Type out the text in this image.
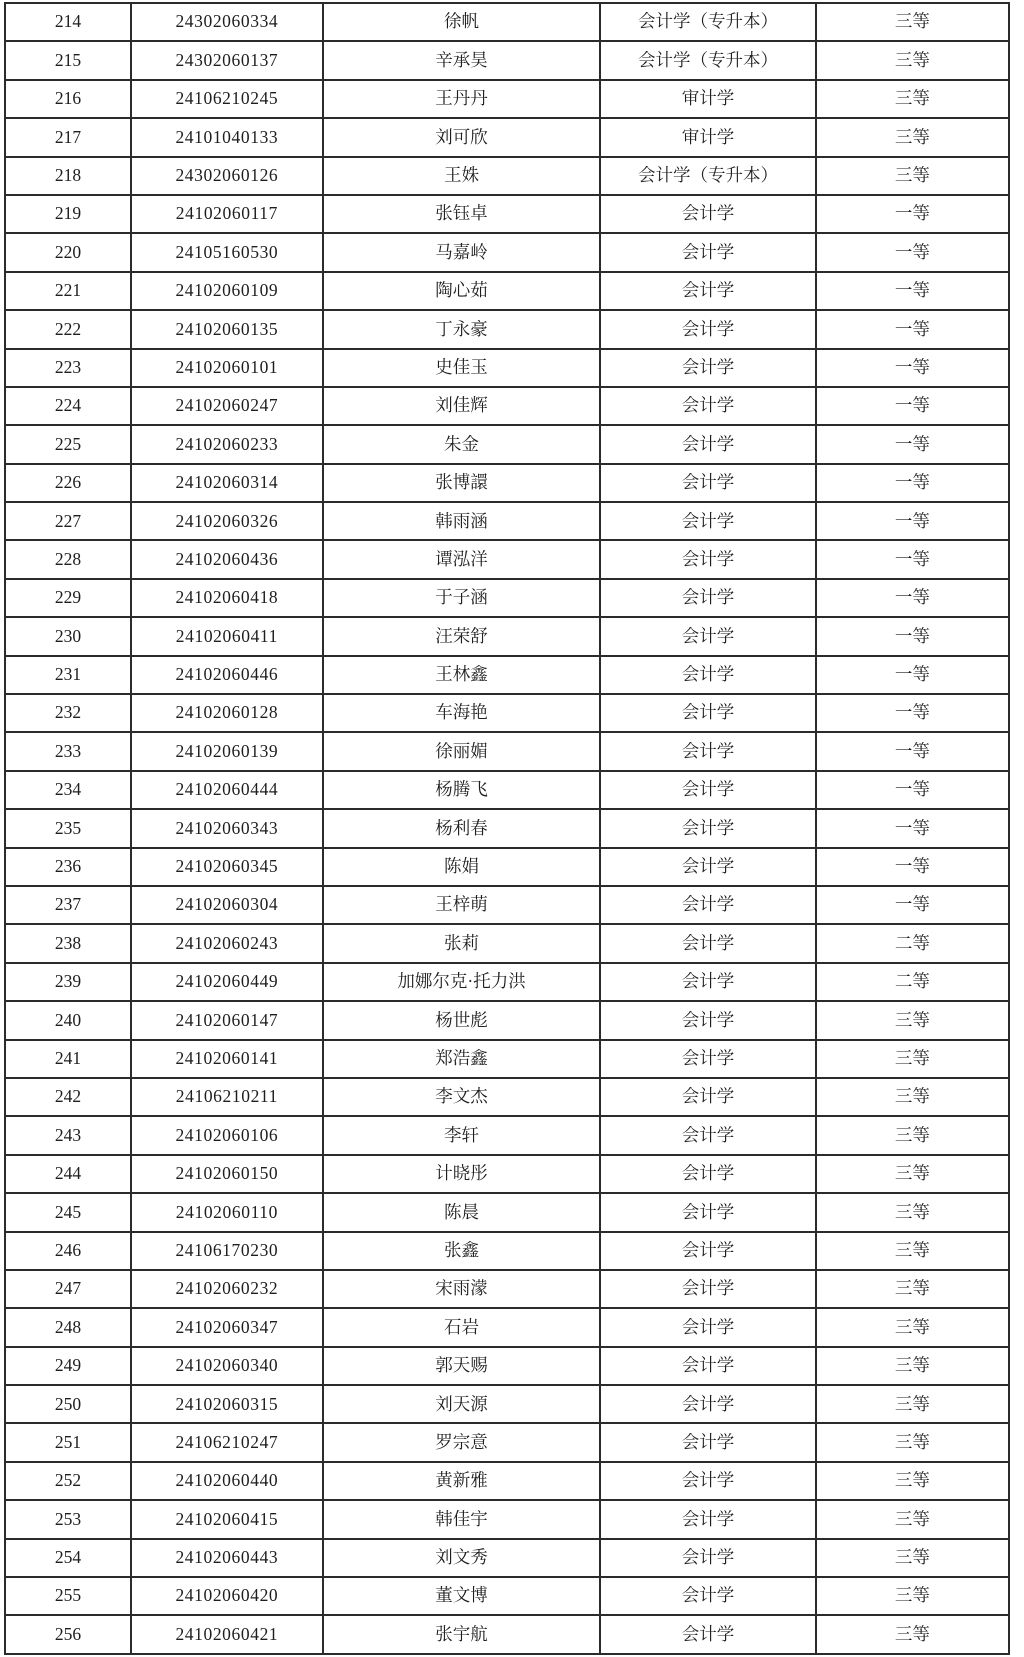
214	24302060334	徐帆	会计学（专升本）	三等
215	24302060137	辛承昊	会计学（专升本）	三等
216	24106210245	王丹丹	审计学	三等
217	24101040133	刘可欣	审计学	三等
218	24302060126	王姝	会计学（专升本）	三等
219	24102060117	张钰卓	会计学	一等
220	24105160530	马嘉岭	会计学	一等
221	24102060109	陶心茹	会计学	一等
222	24102060135	丁永豪	会计学	一等
223	24102060101	史佳玉	会计学	一等
224	24102060247	刘佳辉	会计学	一等
225	24102060233	朱金	会计学	一等
226	24102060314	张博譞	会计学	一等
227	24102060326	韩雨涵	会计学	一等
228	24102060436	谭泓洋	会计学	一等
229	24102060418	于子涵	会计学	一等
230	24102060411	汪荣舒	会计学	一等
231	24102060446	王林鑫	会计学	一等
232	24102060128	车海艳	会计学	一等
233	24102060139	徐丽媚	会计学	一等
234	24102060444	杨腾飞	会计学	一等
235	24102060343	杨利春	会计学	一等
236	24102060345	陈娟	会计学	一等
237	24102060304	王梓萌	会计学	一等
238	24102060243	张莉	会计学	二等
239	24102060449	加娜尔克·托力洪	会计学	二等
240	24102060147	杨世彪	会计学	三等
241	24102060141	郑浩鑫	会计学	三等
242	24106210211	李文杰	会计学	三等
243	24102060106	李轩	会计学	三等
244	24102060150	计晓彤	会计学	三等
245	24102060110	陈晨	会计学	三等
246	24106170230	张鑫	会计学	三等
247	24102060232	宋雨濛	会计学	三等
248	24102060347	石岩	会计学	三等
249	24102060340	郭天赐	会计学	三等
250	24102060315	刘天源	会计学	三等
251	24106210247	罗宗意	会计学	三等
252	24102060440	黄新雅	会计学	三等
253	24102060415	韩佳宇	会计学	三等
254	24102060443	刘文秀	会计学	三等
255	24102060420	董文博	会计学	三等
256	24102060421	张宇航	会计学	三等
